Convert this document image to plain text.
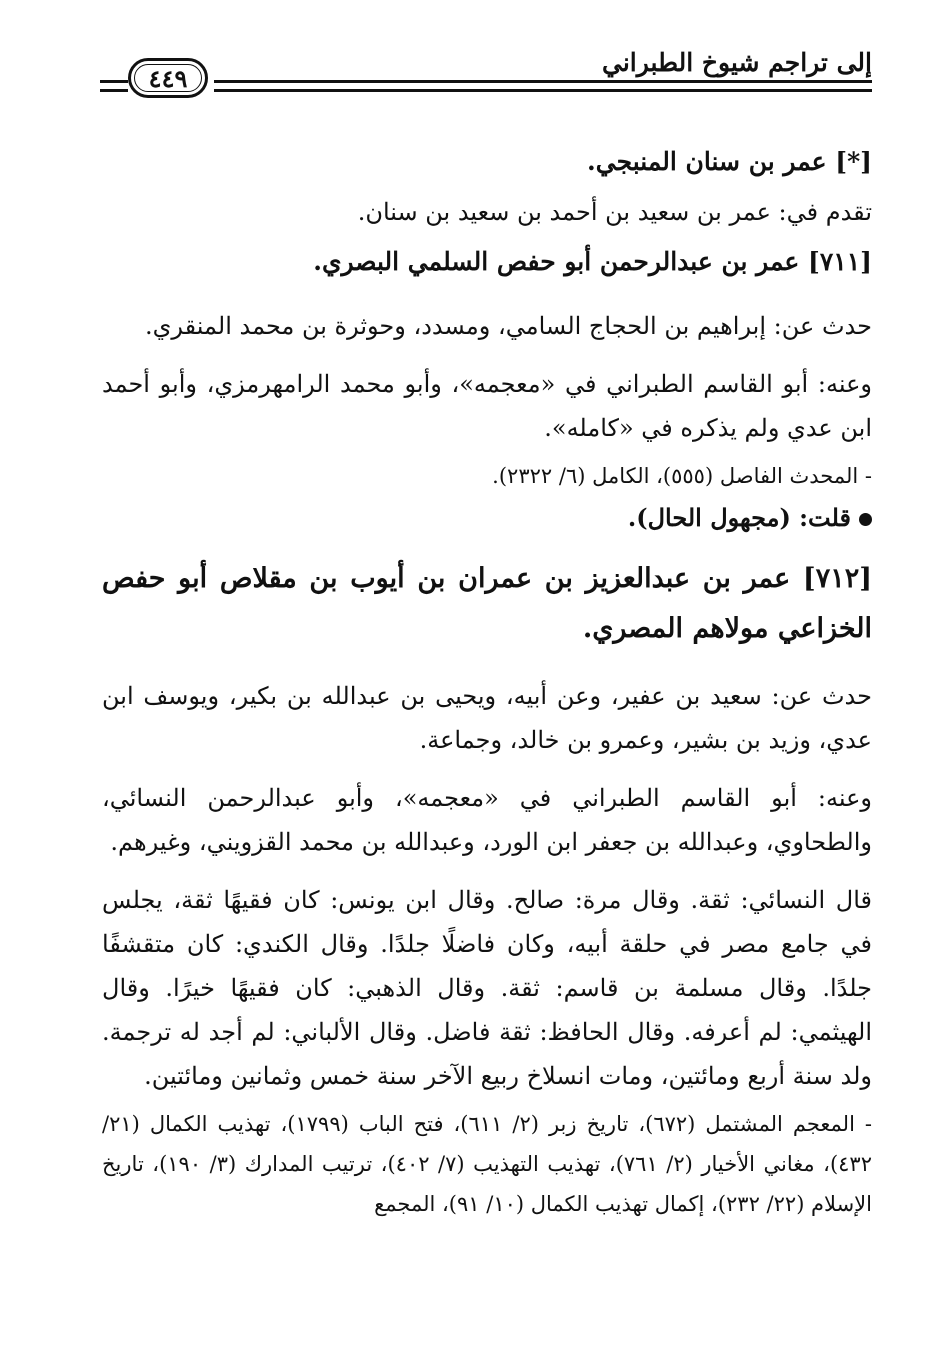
إلى تراجم شيوخ الطبراني
٤٤٩

[*] عمر بن سنان المنبجي.

تقدم في: عمر بن سعيد بن أحمد بن سعيد بن سنان.

[٧١١] عمر بن عبدالرحمن أبو حفص السلمي البصري.

حدث عن: إبراهيم بن الحجاج السامي، ومسدد، وحوثرة بن محمد المنقري.

وعنه: أبو القاسم الطبراني في «معجمه»، وأبو محمد الرامهرمزي، وأبو أحمد ابن عدي ولم يذكره في «كامله».

- المحدث الفاصل (٥٥٥)، الكامل (٦/ ٢٣٢٢).

قلت: (مجهول الحال).

[٧١٢] عمر بن عبدالعزيز بن عمران بن أيوب بن مقلاص أبو حفص الخزاعي مولاهم المصري.

حدث عن: سعيد بن عفير، وعن أبيه، ويحيى بن عبدالله بن بكير، ويوسف ابن عدي، وزيد بن بشير، وعمرو بن خالد، وجماعة.

وعنه: أبو القاسم الطبراني في «معجمه»، وأبو عبدالرحمن النسائي، والطحاوي، وعبدالله بن جعفر ابن الورد، وعبدالله بن محمد القزويني، وغيرهم.

قال النسائي: ثقة. وقال مرة: صالح. وقال ابن يونس: كان فقيهًا ثقة، يجلس في جامع مصر في حلقة أبيه، وكان فاضلًا جلدًا. وقال الكندي: كان متقشفًا جلدًا. وقال مسلمة بن قاسم: ثقة. وقال الذهبي: كان فقيهًا خيرًا. وقال الهيثمي: لم أعرفه. وقال الحافظ: ثقة فاضل. وقال الألباني: لم أجد له ترجمة. ولد سنة أربع ومائتين، ومات انسلاخ ربيع الآخر سنة خمس وثمانين ومائتين.

- المعجم المشتمل (٦٧٢)، تاريخ زبر (٢/ ٦١١)، فتح الباب (١٧٩٩)، تهذيب الكمال (٢١/ ٤٣٢)، مغاني الأخيار (٢/ ٧٦١)، تهذيب التهذيب (٧/ ٤٠٢)، ترتيب المدارك (٣/ ١٩٠)، تاريخ الإسلام (٢٢/ ٢٣٢)، إكمال تهذيب الكمال (١٠/ ٩١)، المجمع
